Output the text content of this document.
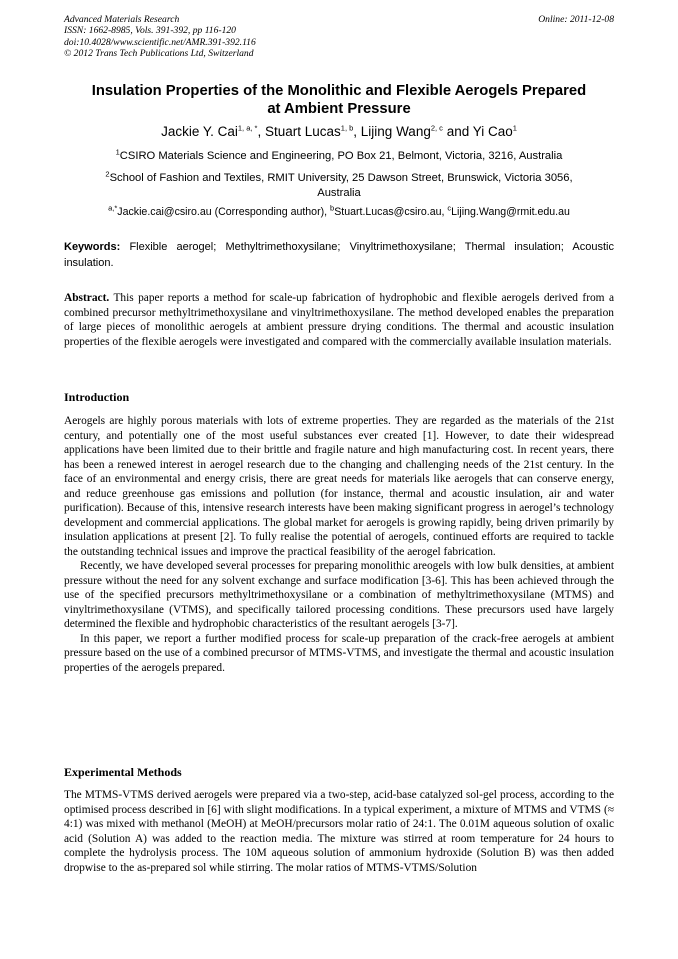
Advanced Materials Research
ISSN: 1662-8985, Vols. 391-392, pp 116-120
doi:10.4028/www.scientific.net/AMR.391-392.116
© 2012 Trans Tech Publications Ltd, Switzerland
Online: 2011-12-08
Insulation Properties of the Monolithic and Flexible Aerogels Prepared
at Ambient Pressure
Jackie Y. Cai$^{1, a, *}$, Stuart Lucas$^{1, b}$, Lijing Wang$^{2, c}$ and Yi Cao$^1$
$^1$CSIRO Materials Science and Engineering, PO Box 21, Belmont, Victoria, 3216, Australia
$^2$School of Fashion and Textiles, RMIT University, 25 Dawson Street, Brunswick, Victoria 3056,
Australia
$^{a,*}$Jackie.cai@csiro.au (Corresponding author), $^b$Stuart.Lucas@csiro.au, $^c$Lijing.Wang@rmit.edu.au
Keywords: Flexible aerogel; Methyltrimethoxysilane; Vinyltrimethoxysilane; Thermal insulation; Acoustic insulation.

Abstract. This paper reports a method for scale-up fabrication of hydrophobic and flexible aerogels derived from a combined precursor methyltrimethoxysilane and vinyltrimethoxysilane. The method developed enables the preparation of large pieces of monolithic aerogels at ambient pressure drying conditions. The thermal and acoustic insulation properties of the flexible aerogels were investigated and compared with the commercially available insulation materials.

Introduction

Aerogels are highly porous materials with lots of extreme properties. They are regarded as the materials of the 21st century, and potentially one of the most useful substances ever created [1]. However, to date their widespread applications have been limited due to their brittle and fragile nature and high manufacturing cost. In recent years, there has been a renewed interest in aerogel research due to the changing and challenging needs of the 21st century. In the face of an environmental and energy crisis, there are great needs for materials like aerogels that can conserve energy, and reduce greenhouse gas emissions and pollution (for instance, thermal and acoustic insulation, air and water purification). Because of this, intensive research interests have been making significant progress in aerogel’s technology development and commercial applications. The global market for aerogels is growing rapidly, being driven primarily by insulation applications at present [2]. To fully realise the potential of aerogels, continued efforts are required to tackle the outstanding technical issues and improve the practical feasibility of the aerogel fabrication.

Recently, we have developed several processes for preparing monolithic areogels with low bulk densities, at ambient pressure without the need for any solvent exchange and surface modification [3-6]. This has been achieved through the use of the specified precursors methyltrimethoxysilane or a combination of methyltrimethoxysilane (MTMS) and vinyltrimethoxysilane (VTMS), and specifically tailored processing conditions. These precursors used have largely determined the flexible and hydrophobic characteristics of the resultant aerogels [3-7].

In this paper, we report a further modified process for scale-up preparation of the crack-free aerogels at ambient pressure based on the use of a combined precursor of MTMS-VTMS, and investigate the thermal and acoustic insulation properties of the aerogels prepared.

Experimental Methods

The MTMS-VTMS derived aerogels were prepared via a two-step, acid-base catalyzed sol-gel process, according to the optimised process described in [6] with slight modifications. In a typical experiment, a mixture of MTMS and VTMS (≈ 4:1) was mixed with methanol (MeOH) at MeOH/precursors molar ratio of 24:1. The 0.01M aqueous solution of oxalic acid (Solution A) was added to the reaction media. The mixture was stirred at room temperature for 24 hours to complete the hydrolysis process. The 10M aqueous solution of ammonium hydroxide (Solution B) was then added dropwise to the as-prepared sol while stirring. The molar ratios of MTMS-VTMS/Solution
